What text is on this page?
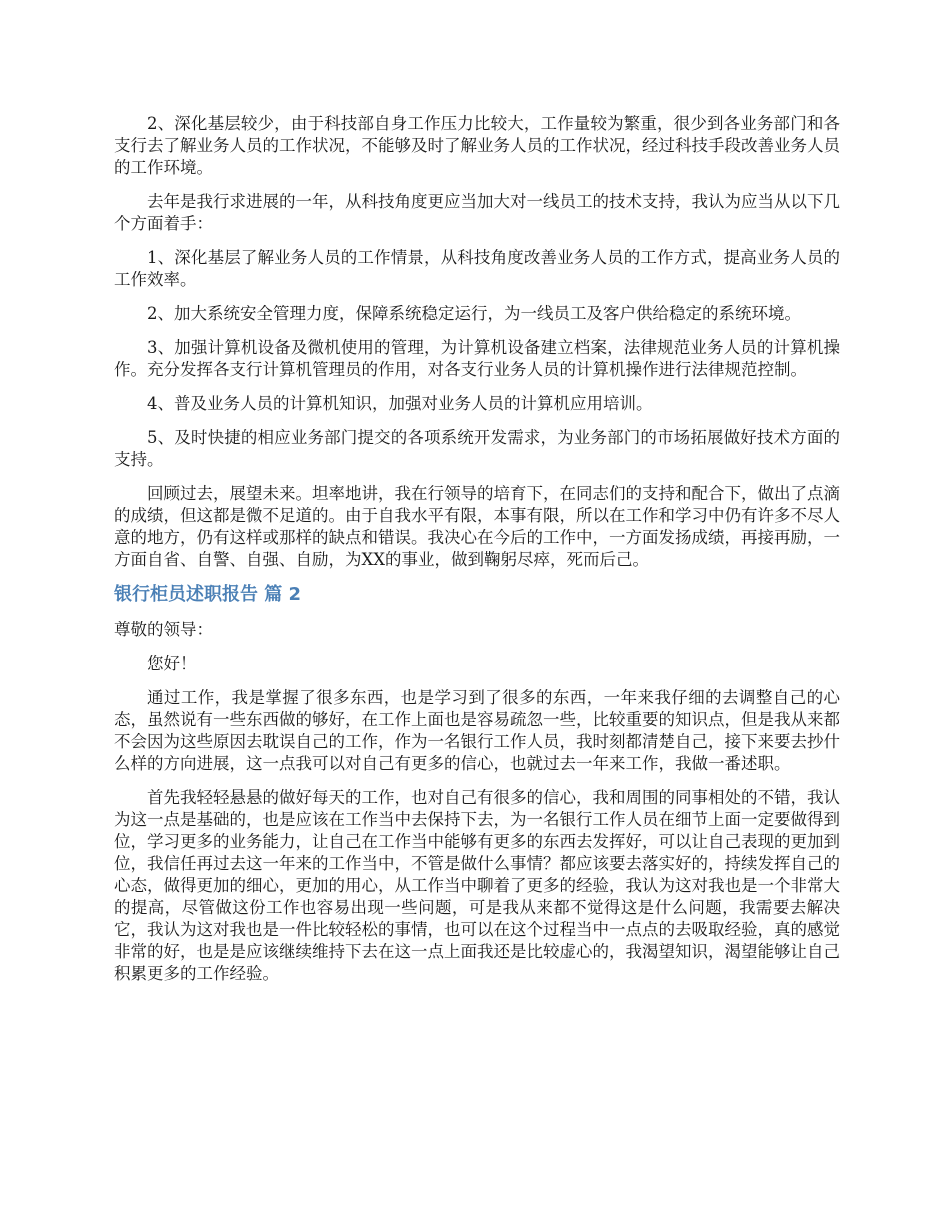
2、深化基层较少，由于科技部自身工作压力比较大，工作量较为繁重，很少到各业务部门和各支行去了解业务人员的工作状况，不能够及时了解业务人员的工作状况，经过科技手段改善业务人员的工作环境。

去年是我行求进展的一年，从科技角度更应当加大对一线员工的技术支持，我认为应当从以下几个方面着手：

1、深化基层了解业务人员的工作情景，从科技角度改善业务人员的工作方式，提高业务人员的工作效率。

2、加大系统安全管理力度，保障系统稳定运行，为一线员工及客户供给稳定的系统环境。

3、加强计算机设备及微机使用的管理，为计算机设备建立档案，法律规范业务人员的计算机操作。充分发挥各支行计算机管理员的作用，对各支行业务人员的计算机操作进行法律规范控制。

4、普及业务人员的计算机知识，加强对业务人员的计算机应用培训。

5、及时快捷的相应业务部门提交的各项系统开发需求，为业务部门的市场拓展做好技术方面的支持。

回顾过去，展望未来。坦率地讲，我在行领导的培育下，在同志们的支持和配合下，做出了点滴的成绩，但这都是微不足道的。由于自我水平有限，本事有限，所以在工作和学习中仍有许多不尽人意的地方，仍有这样或那样的缺点和错误。我决心在今后的工作中，一方面发扬成绩，再接再励，一方面自省、自警、自强、自励，为XX的事业，做到鞠躬尽瘁，死而后己。

银行柜员述职报告 篇 2

尊敬的领导：

您好！

通过工作，我是掌握了很多东西，也是学习到了很多的东西，一年来我仔细的去调整自己的心态，虽然说有一些东西做的够好，在工作上面也是容易疏忽一些，比较重要的知识点，但是我从来都不会因为这些原因去耽误自己的工作，作为一名银行工作人员，我时刻都清楚自己，接下来要去抄什么样的方向进展，这一点我可以对自己有更多的信心，也就过去一年来工作，我做一番述职。

首先我轻轻悬悬的做好每天的工作，也对自己有很多的信心，我和周围的同事相处的不错，我认为这一点是基础的，也是应该在工作当中去保持下去，为一名银行工作人员在细节上面一定要做得到位，学习更多的业务能力，让自己在工作当中能够有更多的东西去发挥好，可以让自己表现的更加到位，我信任再过去这一年来的工作当中，不管是做什么事情？都应该要去落实好的，持续发挥自己的心态，做得更加的细心，更加的用心，从工作当中聊着了更多的经验，我认为这对我也是一个非常大的提高，尽管做这份工作也容易出现一些问题，可是我从来都不觉得这是什么问题，我需要去解决它，我认为这对我也是一件比较轻松的事情，也可以在这个过程当中一点点的去吸取经验，真的感觉非常的好，也是是应该继续维持下去在这一点上面我还是比较虚心的，我渴望知识，渴望能够让自己积累更多的工作经验。
